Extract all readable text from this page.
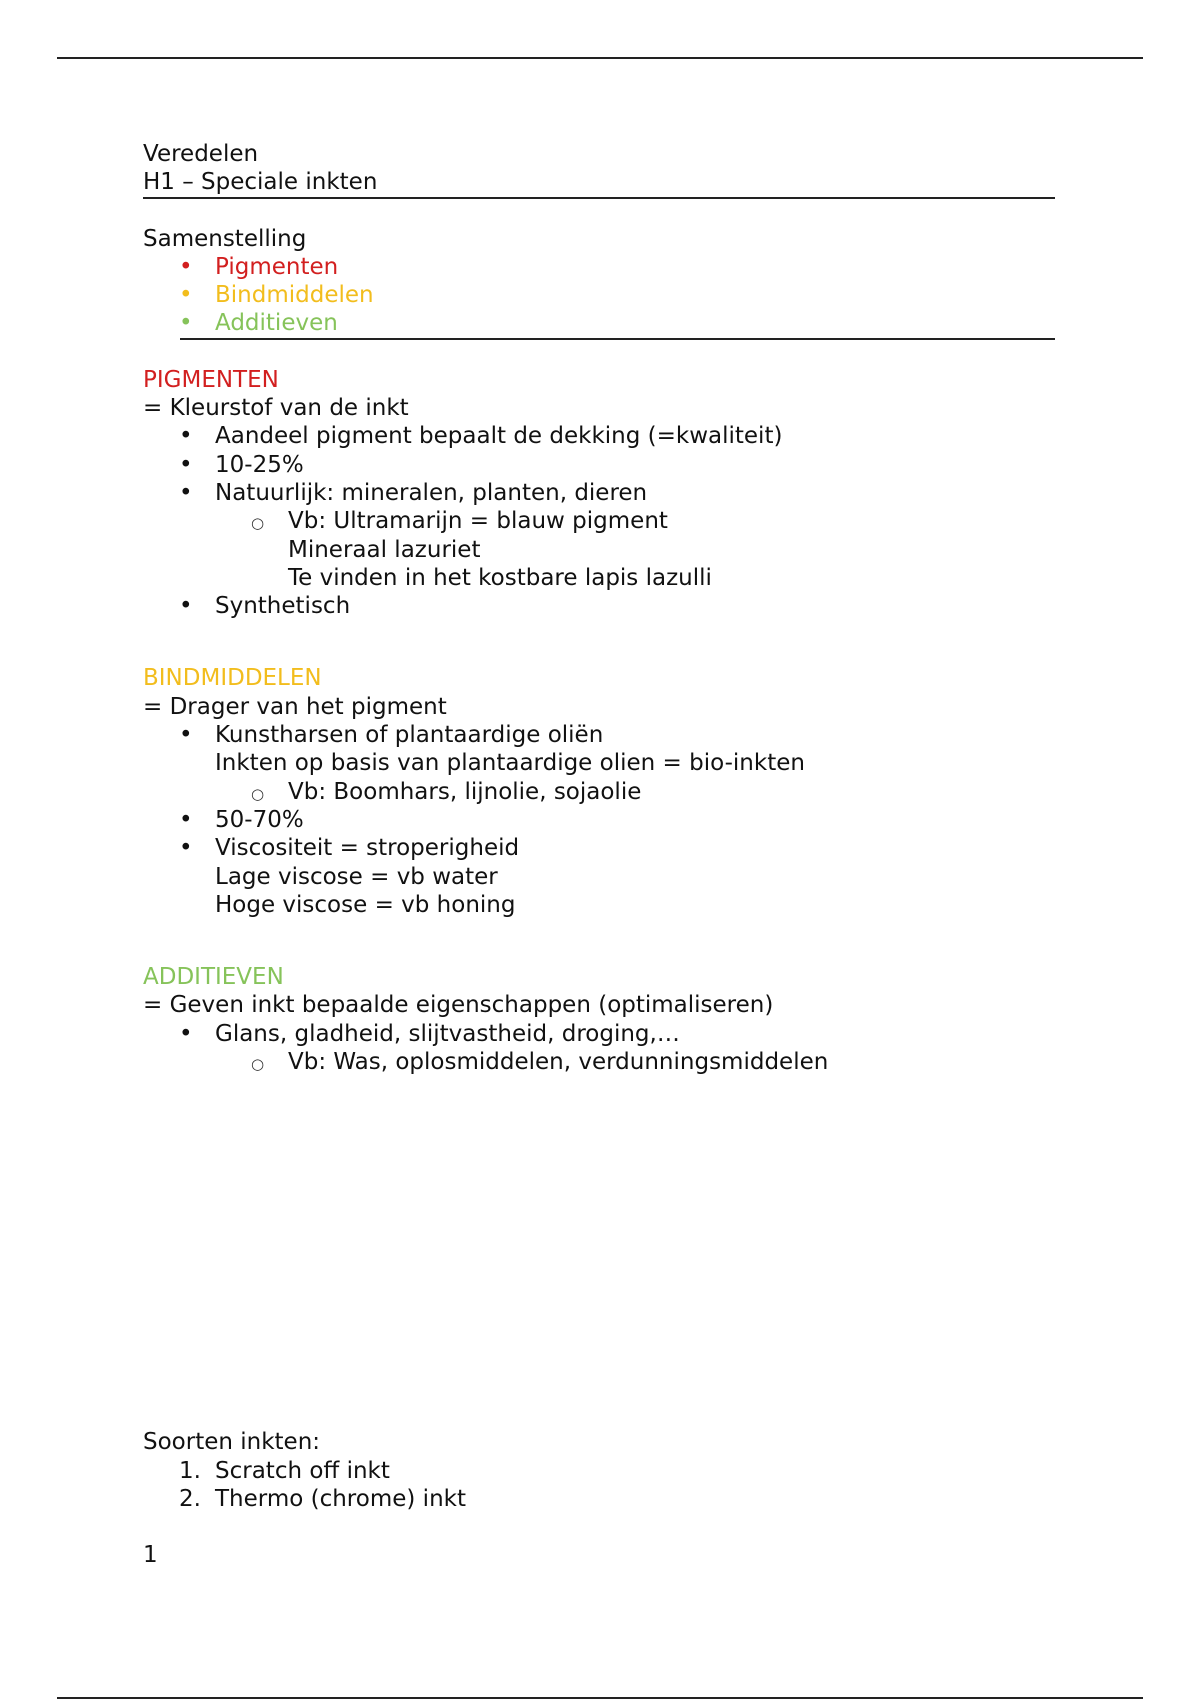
Veredelen
H1 – Speciale inkten
Samenstelling
• Pigmenten
• Bindmiddelen
• Additieven
PIGMENTEN
= Kleurstof van de inkt
• Aandeel pigment bepaalt de dekking (=kwaliteit)
• 10-25%
• Natuurlijk: mineralen, planten, dieren
○ Vb: Ultramarijn = blauw pigment
Mineraal lazuriet
Te vinden in het kostbare lapis lazulli
• Synthetisch
BINDMIDDELEN
= Drager van het pigment
• Kunstharsen of plantaardige oliën
Inkten op basis van plantaardige olien = bio-inkten
○ Vb: Boomhars, lijnolie, sojaolie
• 50-70%
• Viscositeit = stroperigheid
Lage viscose = vb water
Hoge viscose = vb honing
ADDITIEVEN
= Geven inkt bepaalde eigenschappen (optimaliseren)
• Glans, gladheid, slijtvastheid, droging,…
○ Vb: Was, oplosmiddelen, verdunningsmiddelen
Soorten inkten:
1. Scratch off inkt
2. Thermo (chrome) inkt
1
